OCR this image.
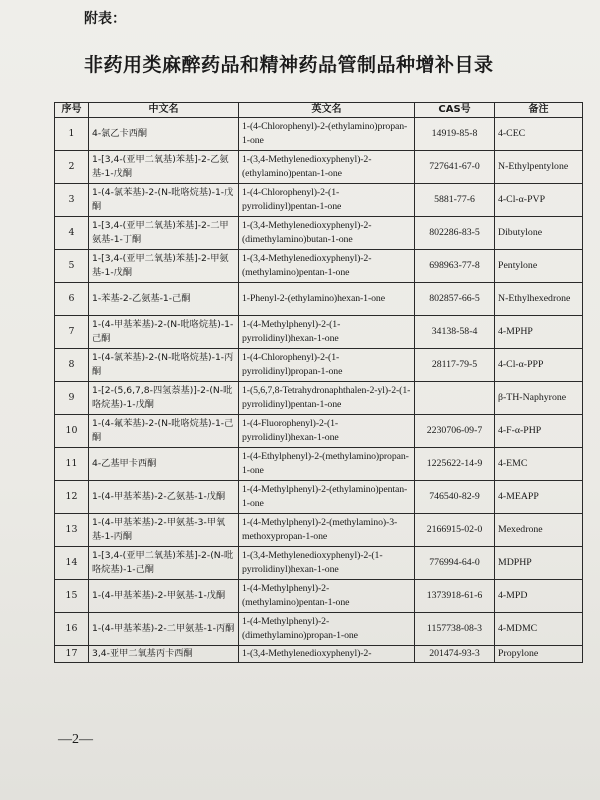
附表：
非药用类麻醉药品和精神药品管制品种增补目录
序号	中文名	英文名	CAS号	备注
1	4-氯乙卡西酮	1-(4-Chlorophenyl)-2-(ethylamino)propan-1-one	14919-85-8	4-CEC
2	1-[3,4-(亚甲二氧基)苯基]-2-乙氨基-1-戊酮	1-(3,4-Methylenedioxyphenyl)-2-(ethylamino)pentan-1-one	727641-67-0	N-Ethylpentylone
3	1-(4-氯苯基)-2-(N-吡咯烷基)-1-戊酮	1-(4-Chlorophenyl)-2-(1-pyrrolidinyl)pentan-1-one	5881-77-6	4-Cl-α-PVP
4	1-[3,4-(亚甲二氧基)苯基]-2-二甲氨基-1-丁酮	1-(3,4-Methylenedioxyphenyl)-2-(dimethylamino)butan-1-one	802286-83-5	Dibutylone
5	1-[3,4-(亚甲二氧基)苯基]-2-甲氨基-1-戊酮	1-(3,4-Methylenedioxyphenyl)-2-(methylamino)pentan-1-one	698963-77-8	Pentylone
6	1-苯基-2-乙氨基-1-己酮	1-Phenyl-2-(ethylamino)hexan-1-one	802857-66-5	N-Ethylhexedrone
7	1-(4-甲基苯基)-2-(N-吡咯烷基)-1-己酮	1-(4-Methylphenyl)-2-(1-pyrrolidinyl)hexan-1-one	34138-58-4	4-MPHP
8	1-(4-氯苯基)-2-(N-吡咯烷基)-1-丙酮	1-(4-Chlorophenyl)-2-(1-pyrrolidinyl)propan-1-one	28117-79-5	4-Cl-α-PPP
9	1-[2-(5,6,7,8-四氢萘基)]-2-(N-吡咯烷基)-1-戊酮	1-(5,6,7,8-Tetrahydronaphthalen-2-yl)-2-(1-pyrrolidinyl)pentan-1-one		β-TH-Naphyrone
10	1-(4-氟苯基)-2-(N-吡咯烷基)-1-己酮	1-(4-Fluorophenyl)-2-(1-pyrrolidinyl)hexan-1-one	2230706-09-7	4-F-α-PHP
11	4-乙基甲卡西酮	1-(4-Ethylphenyl)-2-(methylamino)propan-1-one	1225622-14-9	4-EMC
12	1-(4-甲基苯基)-2-乙氨基-1-戊酮	1-(4-Methylphenyl)-2-(ethylamino)pentan-1-one	746540-82-9	4-MEAPP
13	1-(4-甲基苯基)-2-甲氨基-3-甲氧基-1-丙酮	1-(4-Methylphenyl)-2-(methylamino)-3-methoxypropan-1-one	2166915-02-0	Mexedrone
14	1-[3,4-(亚甲二氧基)苯基]-2-(N-吡咯烷基)-1-己酮	1-(3,4-Methylenedioxyphenyl)-2-(1-pyrrolidinyl)hexan-1-one	776994-64-0	MDPHP
15	1-(4-甲基苯基)-2-甲氨基-1-戊酮	1-(4-Methylphenyl)-2-(methylamino)pentan-1-one	1373918-61-6	4-MPD
16	1-(4-甲基苯基)-2-二甲氨基-1-丙酮	1-(4-Methylphenyl)-2-(dimethylamino)propan-1-one	1157738-08-3	4-MDMC
17	3,4-亚甲二氧基丙卡西酮	1-(3,4-Methylenedioxyphenyl)-2-	201474-93-3	Propylone
—2—
